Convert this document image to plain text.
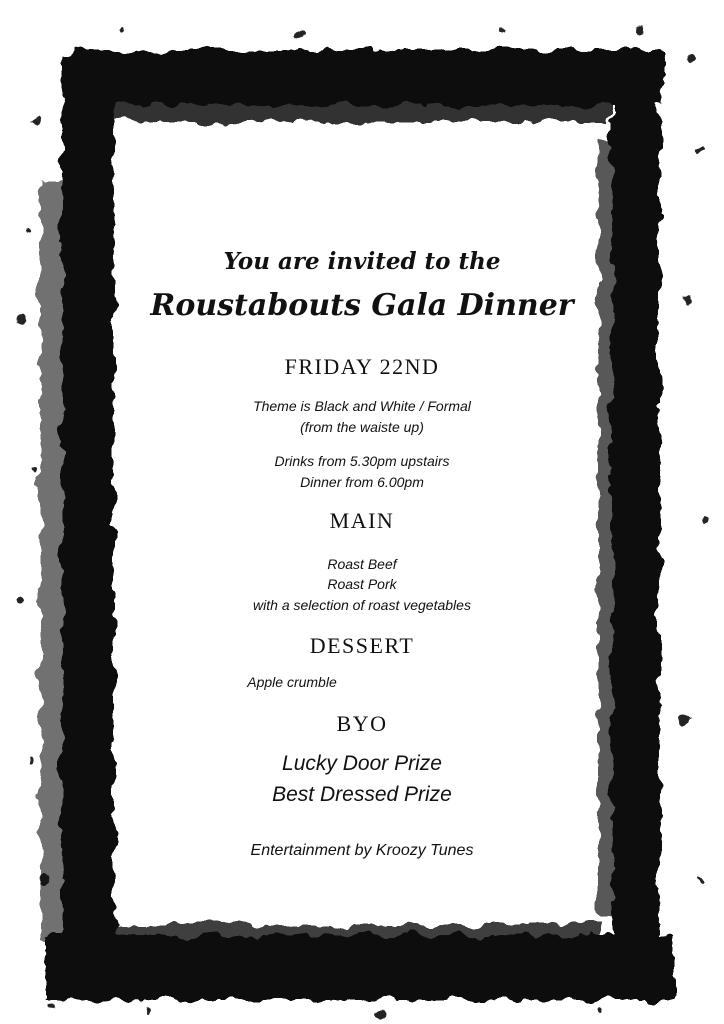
You are invited to the
Roustabouts Gala Dinner
FRIDAY 22ND
Theme is Black and White / Formal
(from the waiste up)
Drinks from 5.30pm upstairs
Dinner from 6.00pm
MAIN
Roast Beef
Roast Pork
with a selection of roast vegetables
DESSERT
Apple crumble
BYO
Lucky Door Prize
Best Dressed Prize
Entertainment by Kroozy Tunes
